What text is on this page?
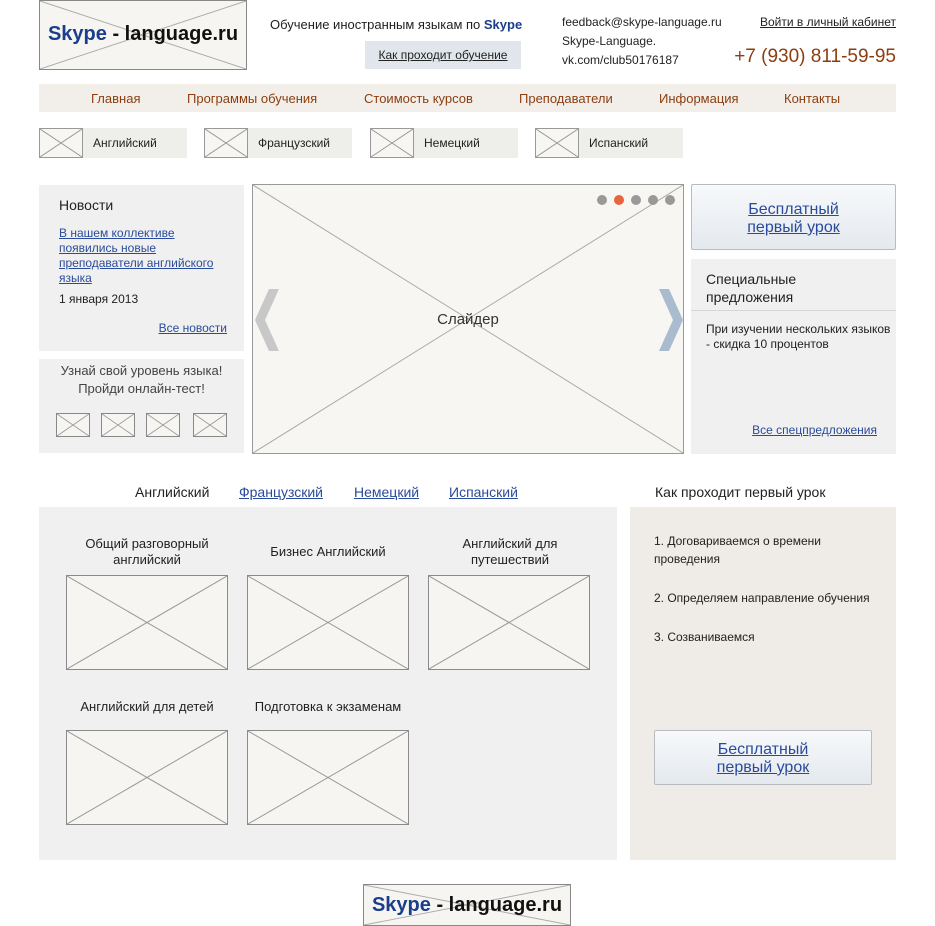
Skype - language.ru	Обучение иностранным языкам по Skype
Как проходит обучение
feedback@skype-language.ru
Skype-Language.
vk.com/club50176187
Войти в личный кабинет
+7 (930) 811-59-95
Главная	Программы обучения	Стоимость курсов	Преподаватели	Информация	Контакты
Английский	Французский	Немецкий	Испанский
Новости
В нашем коллективе появились новые преподаватели английского языка
1 января 2013
Все новости
Узнай свой уровень языка!
Пройди онлайн-тест!
Слайдер
Бесплатный
первый урок
Специальные
предложения
При изучении нескольких языков - скидка 10 процентов
Все спецпредложения
Английский Французский Немецкий Испанский
Общий разговорный английский
Бизнес Английский
Английский для путешествий
Английский для детей	Подготовка к экзаменам
Как проходит первый урок
1. Договариваемся о времени проведения
2. Определяем направление обучения
3. Созваниваемся
Бесплатный
первый урок
Skype - language.ru
